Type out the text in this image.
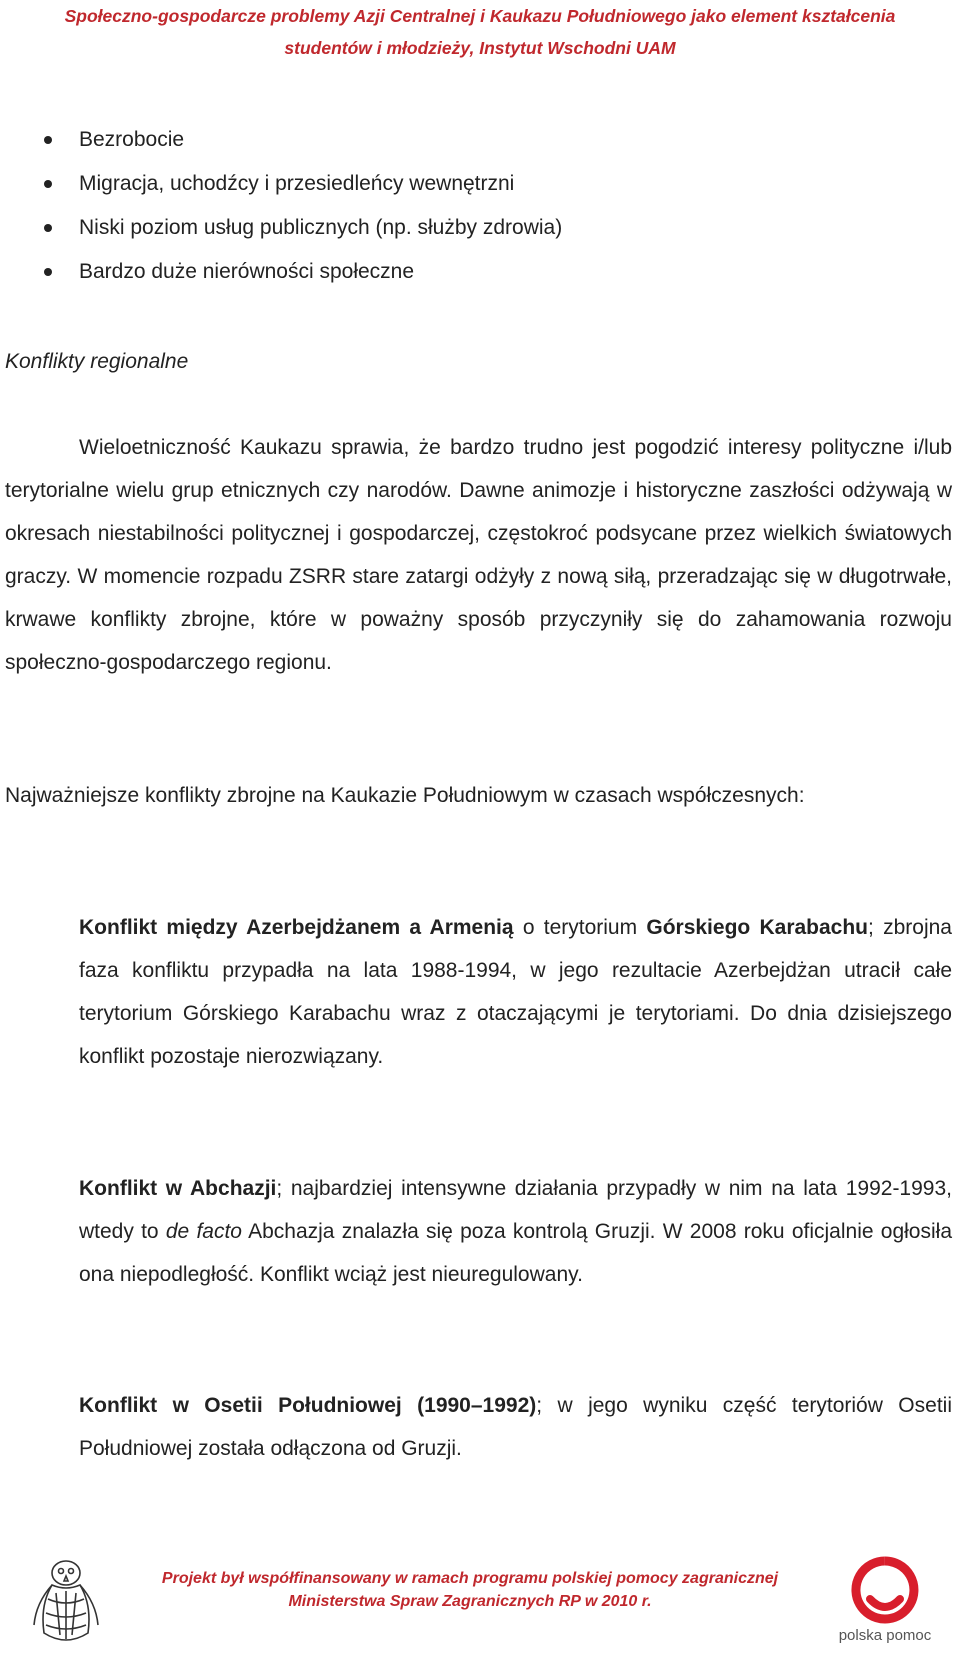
Społeczno-gospodarcze problemy Azji Centralnej i Kaukazu Południowego jako element kształcenia
studentów i młodzieży, Instytut Wschodni UAM
Bezrobocie
Migracja, uchodźcy i przesiedleńcy wewnętrzni
Niski poziom usług publicznych (np. służby zdrowia)
Bardzo duże nierówności społeczne
Konflikty regionalne
Wieloetniczność Kaukazu sprawia, że bardzo trudno jest pogodzić interesy polityczne i/lub terytorialne wielu grup etnicznych czy narodów. Dawne animozje i historyczne zaszłości odżywają w okresach niestabilności politycznej i gospodarczej, częstokroć podsycane przez wielkich światowych graczy. W momencie rozpadu ZSRR stare zatargi odżyły z nową siłą, przeradzając się w długotrwałe, krwawe konflikty zbrojne, które w poważny sposób przyczyniły się do zahamowania rozwoju społeczno-gospodarczego regionu.
Najważniejsze konflikty zbrojne na Kaukazie Południowym w czasach współczesnych:
Konflikt między Azerbejdżanem a Armenią o terytorium Górskiego Karabachu; zbrojna faza konfliktu przypadła na lata 1988-1994, w jego rezultacie Azerbejdżan utracił całe terytorium Górskiego Karabachu wraz z otaczającymi je terytoriami. Do dnia dzisiejszego konflikt pozostaje nierozwiązany.
Konflikt w Abchazji; najbardziej intensywne działania przypadły w nim na lata 1992-1993, wtedy to de facto Abchazja znalazła się poza kontrolą Gruzji. W 2008 roku oficjalnie ogłosiła ona niepodległość. Konflikt wciąż jest nieuregulowany.
Konflikt w Osetii Południowej (1990–1992); w jego wyniku część terytoriów Osetii Południowej została odłączona od Gruzji.
Projekt był współfinansowany w ramach programu polskiej pomocy zagranicznej
Ministerstwa Spraw Zagranicznych RP w 2010 r.
polska pomoc
